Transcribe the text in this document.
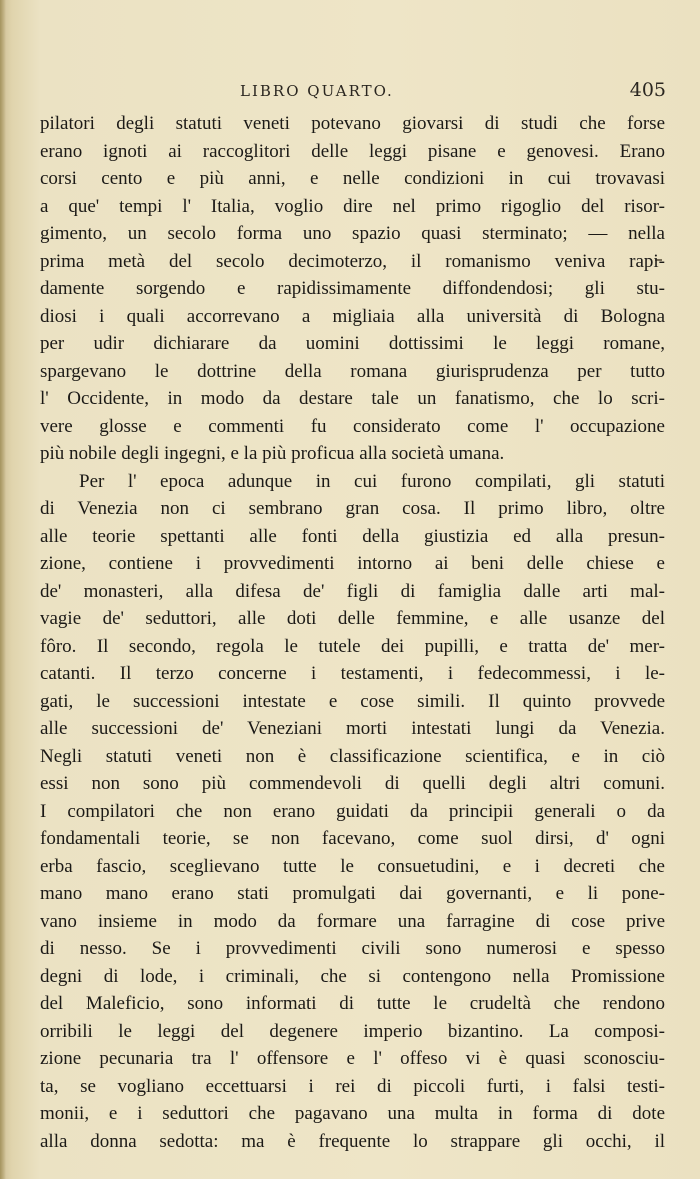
LIBRO QUARTO.	405
pilatori degli statuti veneti potevano giovarsi di studi che forse
erano ignoti ai raccoglitori delle leggi pisane e genovesi. Erano
corsi cento e più anni, e nelle condizioni in cui trovavasi
a que' tempi l' Italia, voglio dire nel primo rigoglio del risor-
gimento, un secolo forma uno spazio quasi sterminato; — nella
prima metà del secolo decimoterzo, il romanismo veniva rapi-
damente sorgendo e rapidissimamente diffondendosi; gli stu-
diosi i quali accorrevano a migliaia alla università di Bologna
per udir dichiarare da uomini dottissimi le leggi romane,
spargevano le dottrine della romana giurisprudenza per tutto
l' Occidente, in modo da destare tale un fanatismo, che lo scri-
vere glosse e commenti fu considerato come l' occupazione
più nobile degli ingegni, e la più proficua alla società umana.
Per l' epoca adunque in cui furono compilati, gli statuti
di Venezia non ci sembrano gran cosa. Il primo libro, oltre
alle teorie spettanti alle fonti della giustizia ed alla presun-
zione, contiene i provvedimenti intorno ai beni delle chiese e
de' monasteri, alla difesa de' figli di famiglia dalle arti mal-
vagie de' seduttori, alle doti delle femmine, e alle usanze del
fôro. Il secondo, regola le tutele dei pupilli, e tratta de' mer-
catanti. Il terzo concerne i testamenti, i fedecommessi, i le-
gati, le successioni intestate e cose simili. Il quinto provvede
alle successioni de' Veneziani morti intestati lungi da Venezia.
Negli statuti veneti non è classificazione scientifica, e in ciò
essi non sono più commendevoli di quelli degli altri comuni.
I compilatori che non erano guidati da principii generali o da
fondamentali teorie, se non facevano, come suol dirsi, d' ogni
erba fascio, sceglievano tutte le consuetudini, e i decreti che
mano mano erano stati promulgati dai governanti, e li pone-
vano insieme in modo da formare una farragine di cose prive
di nesso. Se i provvedimenti civili sono numerosi e spesso
degni di lode, i criminali, che si contengono nella Promissione
del Maleficio, sono informati di tutte le crudeltà che rendono
orribili le leggi del degenere imperio bizantino. La composi-
zione pecunaria tra l' offensore e l' offeso vi è quasi sconosciu-
ta, se vogliano eccettuarsi i rei di piccoli furti, i falsi testi-
monii, e i seduttori che pagavano una multa in forma di dote
alla donna sedotta: ma è frequente lo strappare gli occhi, il
